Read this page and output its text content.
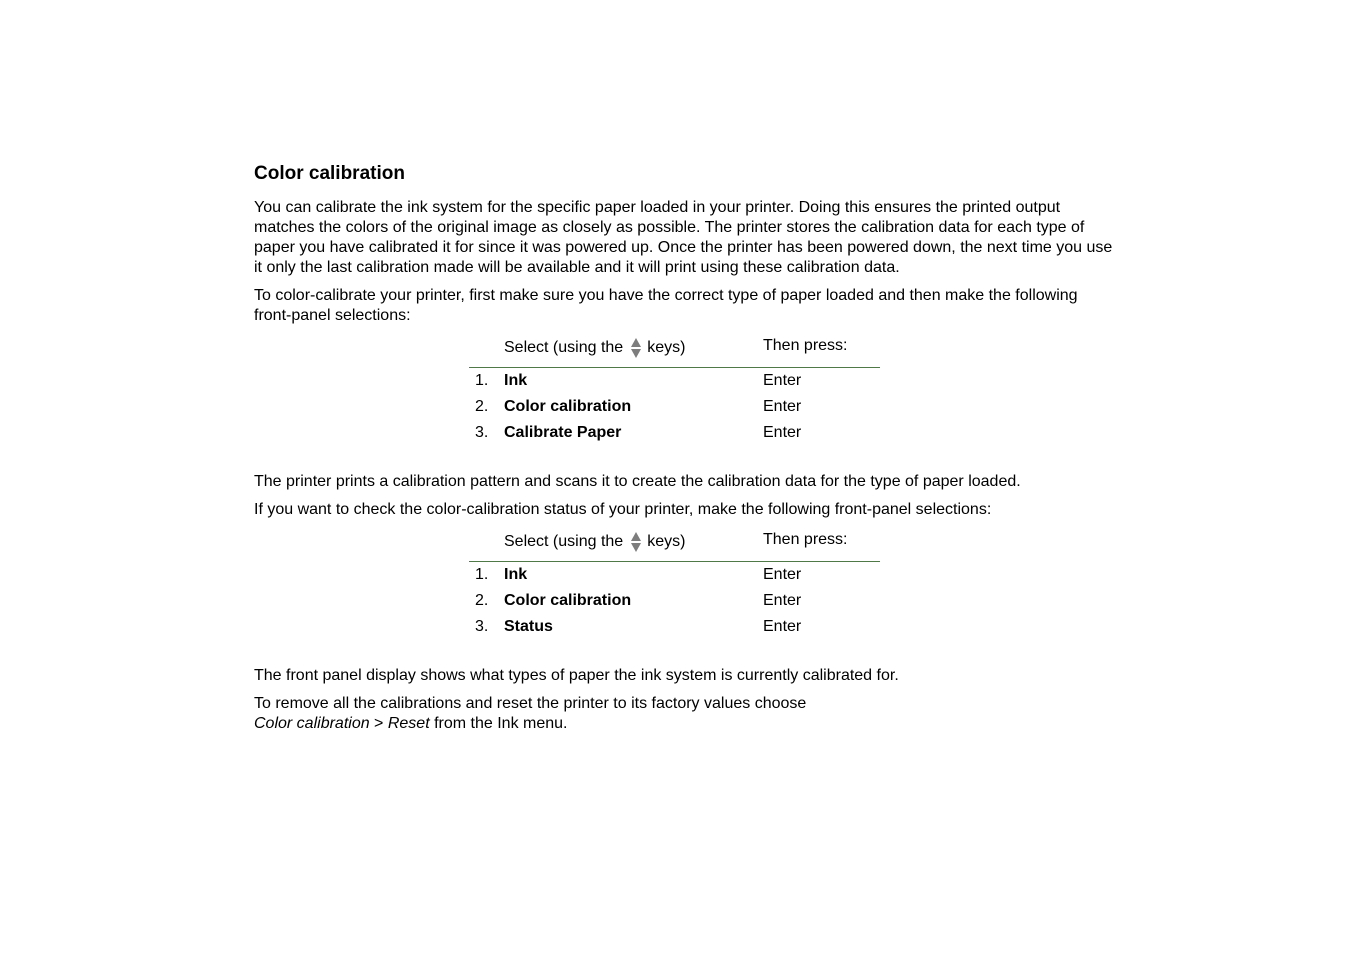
Color calibration

You can calibrate the ink system for the specific paper loaded in your printer. Doing this ensures the printed output matches the colors of the original image as closely as possible. The printer stores the calibration data for each type of paper you have calibrated it for since it was powered up. Once the printer has been powered down, the next time you use it only the last calibration made will be available and it will print using these calibration data.

To color-calibrate your printer, first make sure you have the correct type of paper loaded and then make the following front-panel selections:

Select (using the keys)	Then press:
1. Ink	Enter
2. Color calibration	Enter
3. Calibrate Paper	Enter

The printer prints a calibration pattern and scans it to create the calibration data for the type of paper loaded.

If you want to check the color-calibration status of your printer, make the following front-panel selections:

Select (using the keys)	Then press:
1. Ink	Enter
2. Color calibration	Enter
3. Status	Enter

The front panel display shows what types of paper the ink system is currently calibrated for.

To remove all the calibrations and reset the printer to its factory values choose
Color calibration > Reset from the Ink menu.
